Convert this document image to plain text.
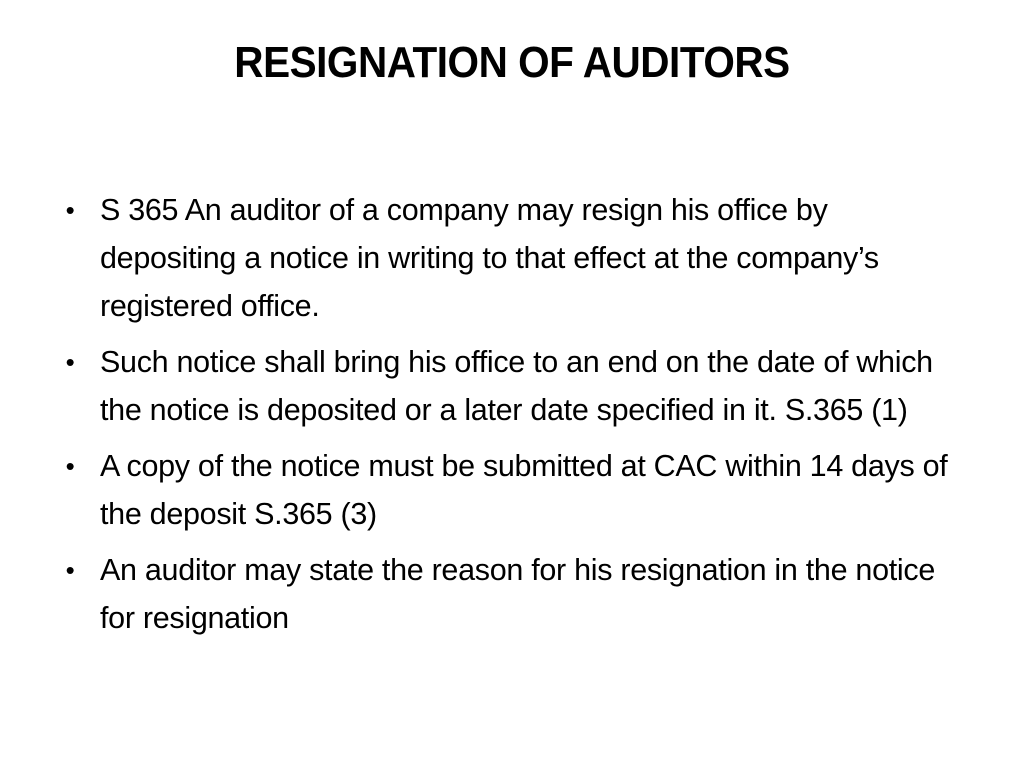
RESIGNATION OF AUDITORS
• S 365 An auditor of a company may resign his office by depositing a notice in writing to that effect at the company’s registered office.
• Such notice shall bring his office to an end on the date of which the notice is deposited or a later date specified in it. S.365 (1)
• A copy of the notice must be submitted at CAC within 14 days of the deposit S.365 (3)
• An auditor may state the reason for his resignation in the notice for resignation
